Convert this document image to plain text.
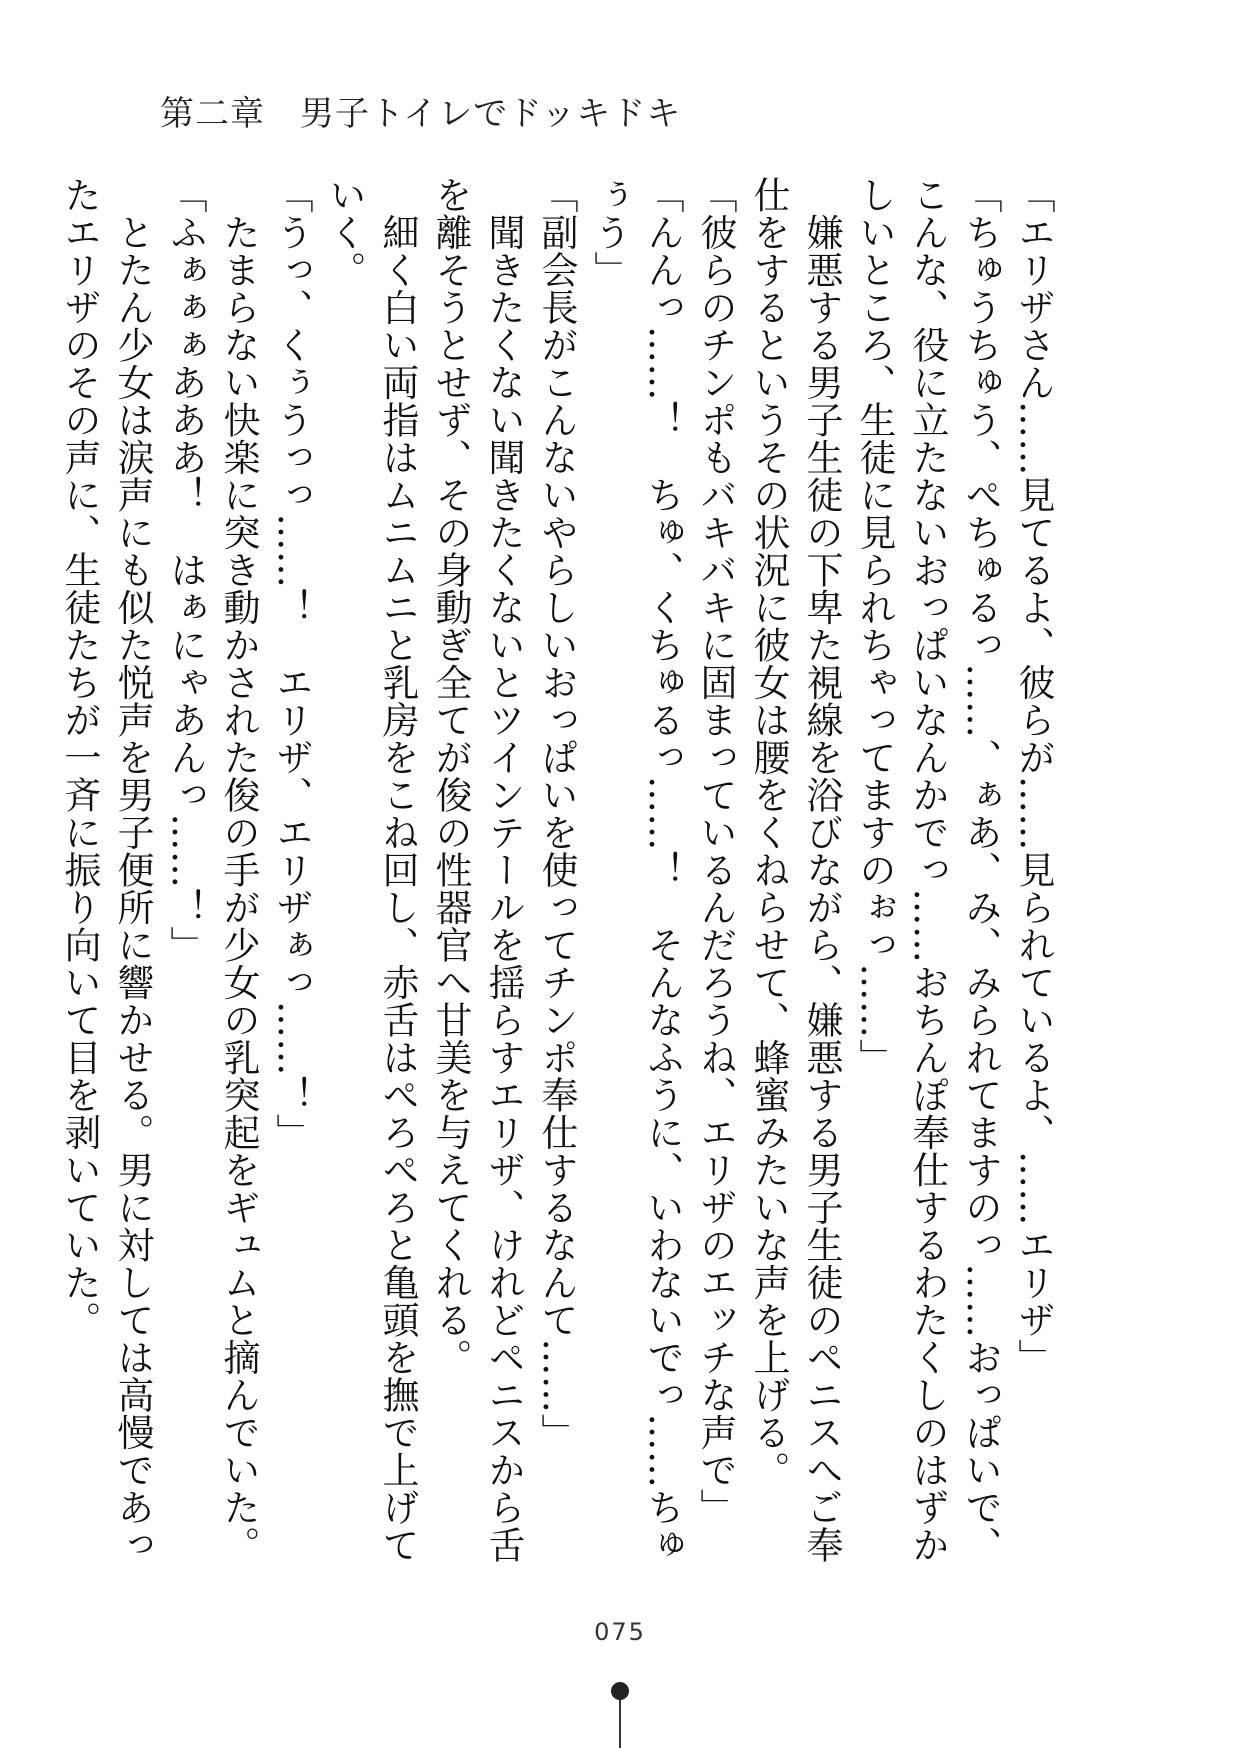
第二章　男子トイレでドッキドキ

「エリザさん……見てるよ、彼らが……見られているよ、……エリザ」

「ちゅうちゅう、ぺちゅるっ……、ぁあ、み、みられてますのっ……おっぱいで、こんな、役に立たないおっぱいなんかでっ……おちんぽ奉仕するわたくしのはずかしいところ、生徒に見られちゃってますのぉっ……」

　嫌悪する男子生徒の下卑た視線を浴びながら、嫌悪する男子生徒のペニスへご奉仕をするというその状況に彼女は腰をくねらせて、蜂蜜みたいな声を上げる。

「彼らのチンポもバキバキに固まっているんだろうね、エリザのエッチな声で」

「んんっ……！　ちゅ、くちゅるっ……！　そんなふうに、いわないでっ……ちゅぅう」

「副会長がこんないやらしいおっぱいを使ってチンポ奉仕するなんて……」

　聞きたくない聞きたくないとツインテールを揺らすエリザ、けれどペニスから舌を離そうとせず、その身動ぎ全てが俊の性器官へ甘美を与えてくれる。

　細く白い両指はムニムニと乳房をこね回し、赤舌はぺろぺろと亀頭を撫で上げていく。

「うっ、くぅうっっ……！　エリザ、エリザぁっ……！」

　たまらない快楽に突き動かされた俊の手が少女の乳突起をギュムと摘んでいた。

「ふぁぁぁあああ！　はぁにゃあんっ……！」

　とたん少女は涙声にも似た悦声を男子便所に響かせる。男に対しては高慢であったエリザのその声に、生徒たちが一斉に振り向いて目を剥いていた。

075
